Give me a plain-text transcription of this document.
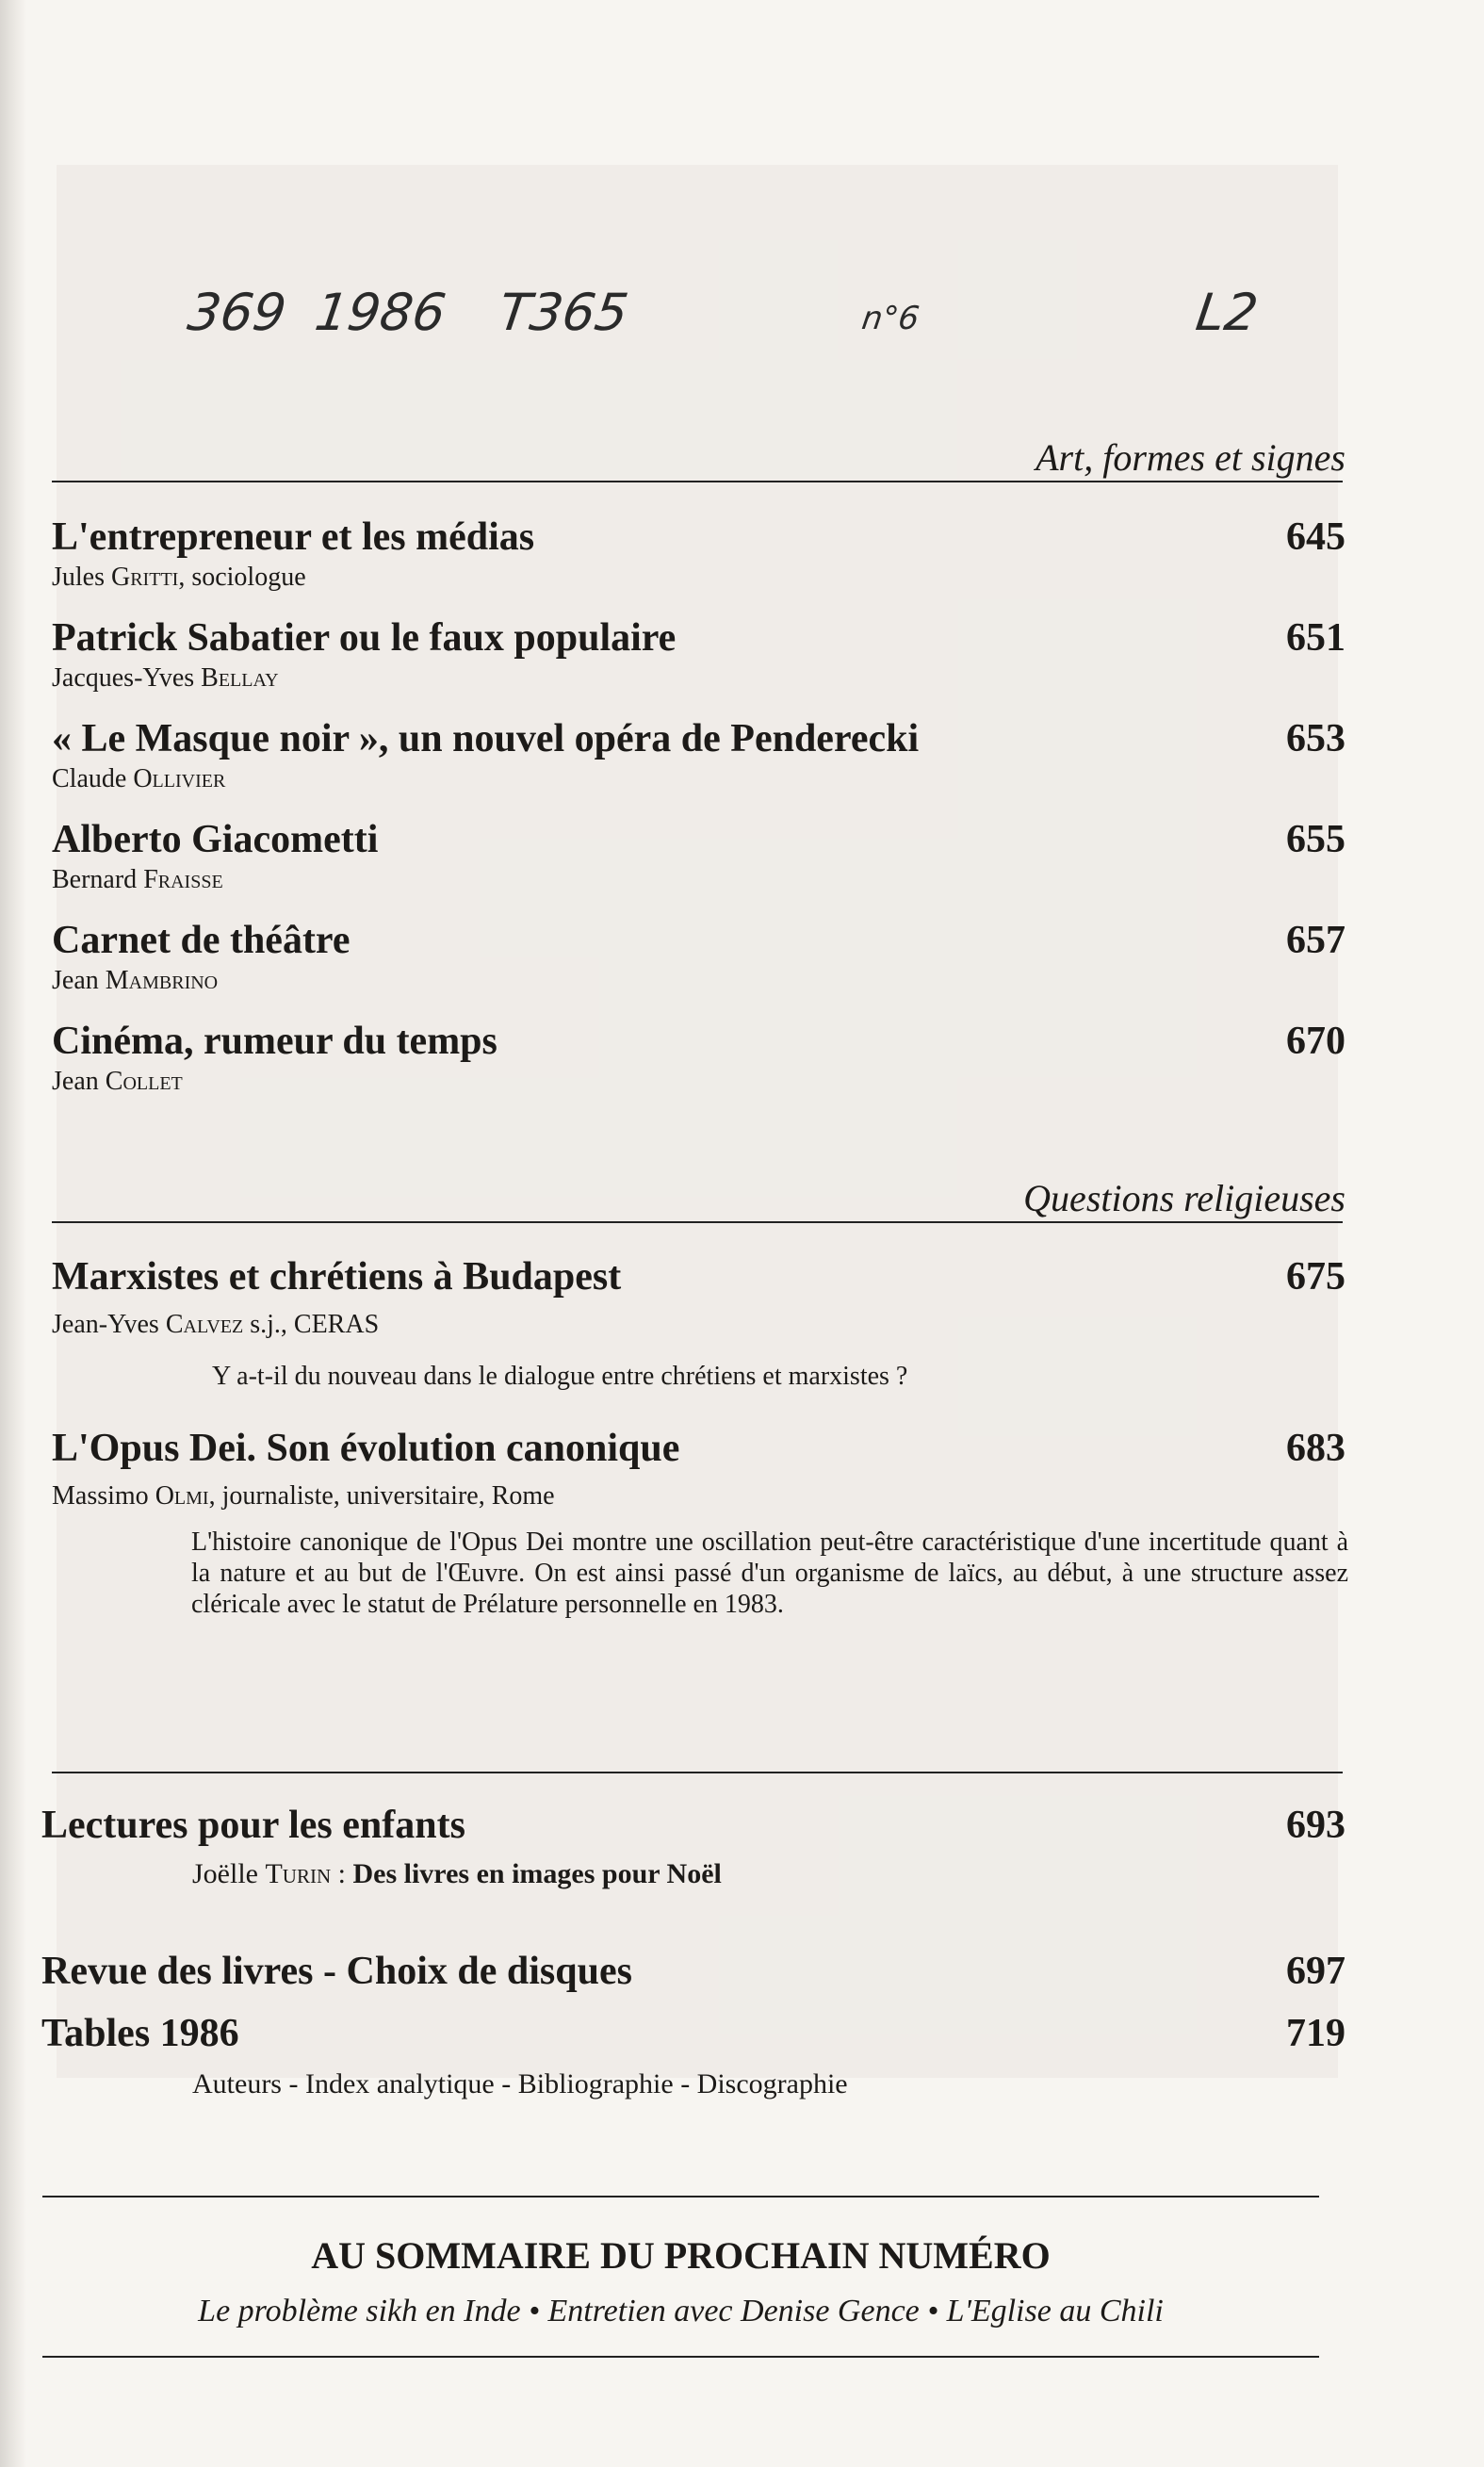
369 1986 T365	n°6	L2
Art, formes et signes
L'entrepreneur et les médias	645
Jules Gritti, sociologue
Patrick Sabatier ou le faux populaire	651
Jacques-Yves Bellay
« Le Masque noir », un nouvel opéra de Penderecki	653
Claude Ollivier
Alberto Giacometti	655
Bernard Fraisse
Carnet de théâtre	657
Jean Mambrino
Cinéma, rumeur du temps	670
Jean Collet
Questions religieuses
Marxistes et chrétiens à Budapest	675
Jean-Yves Calvez s.j., CERAS
Y a-t-il du nouveau dans le dialogue entre chrétiens et marxistes ?
L'Opus Dei. Son évolution canonique	683
Massimo Olmi, journaliste, universitaire, Rome
L'histoire canonique de l'Opus Dei montre une oscillation peut-être caractéristique d'une incertitude quant à la nature et au but de l'Œuvre. On est ainsi passé d'un organisme de laïcs, au début, à une structure assez cléricale avec le statut de Prélature personnelle en 1983.
Lectures pour les enfants	693
Joëlle Turin : Des livres en images pour Noël
Revue des livres - Choix de disques	697
Tables 1986	719
Auteurs - Index analytique - Bibliographie - Discographie
AU SOMMAIRE DU PROCHAIN NUMÉRO
Le problème sikh en Inde • Entretien avec Denise Gence • L'Eglise au Chili
